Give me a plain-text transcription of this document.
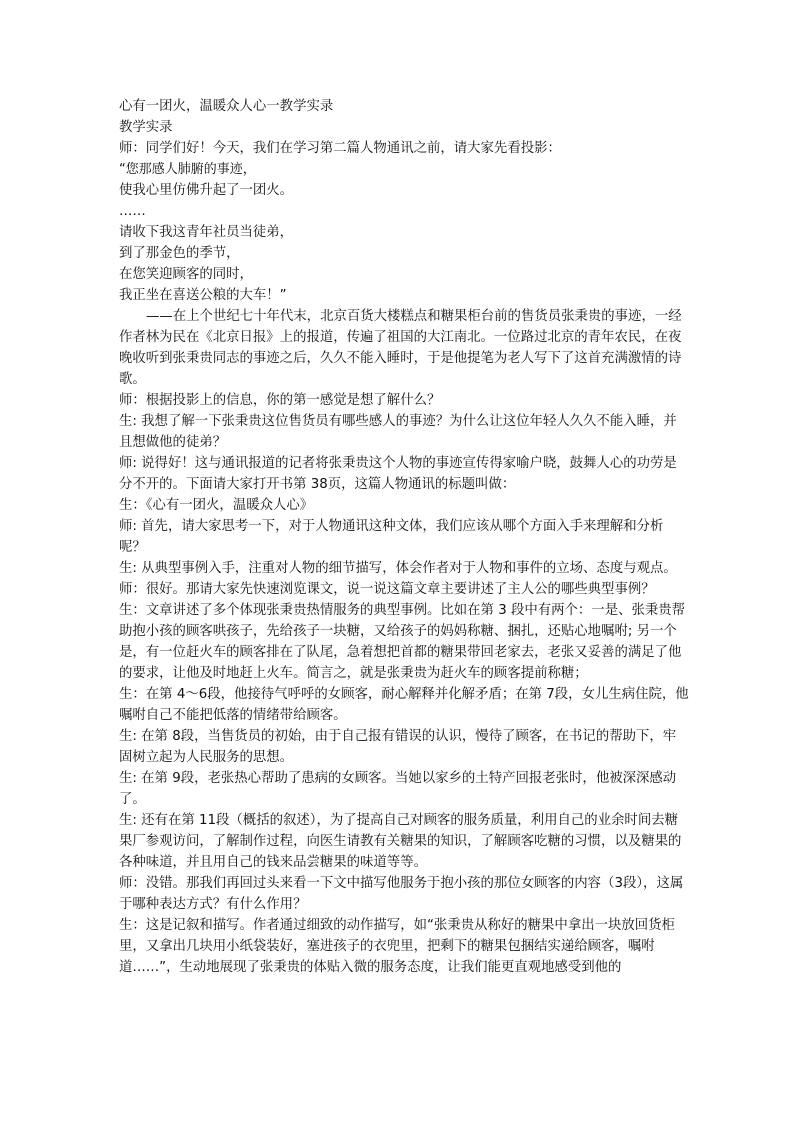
心有一团火，温暖众人心一教学实录

教学实录

师：同学们好！今天，我们在学习第二篇人物通讯之前，请大家先看投影：

“您那感人肺腑的事迹，

使我心里仿佛升起了一团火。

……

请收下我这青年社员当徒弟，

到了那金色的季节，

在您笑迎顾客的同时，

我正坐在喜送公粮的大车！”

——在上个世纪七十年代末，北京百货大楼糕点和糖果柜台前的售货员张秉贵的事迹，一经作者林为民在《北京日报》上的报道，传遍了祖国的大江南北。一位路过北京的青年农民，在夜晚收听到张秉贵同志的事迹之后，久久不能入睡时，于是他提笔为老人写下了这首充满激情的诗歌。

师：根据投影上的信息，你的第一感觉是想了解什么？

生: 我想了解一下张秉贵这位售货员有哪些感人的事迹？为什么让这位年轻人久久不能入睡，并且想做他的徒弟？

师: 说得好！这与通讯报道的记者将张秉贵这个人物的事迹宣传得家喻户晓，鼓舞人心的功劳是分不开的。下面请大家打开书第 38页，这篇人物通讯的标题叫做：

生：《心有一团火，温暖众人心》

师: 首先，请大家思考一下，对于人物通讯这种文体，我们应该从哪个方面入手来理解和分析呢？

生: 从典型事例入手，注重对人物的细节描写，体会作者对于人物和事件的立场、态度与观点。

师：很好。那请大家先快速浏览课文，说一说这篇文章主要讲述了主人公的哪些典型事例？

生：文章讲述了多个体现张秉贵热情服务的典型事例。比如在第 3 段中有两个：一是、张秉贵帮助抱小孩的顾客哄孩子，先给孩子一块糖，又给孩子的妈妈称糖、捆扎，还贴心地嘱咐; 另一个是，有一位赶火车的顾客排在了队尾，急着想把首都的糖果带回老家去，老张又妥善的满足了他的要求，让他及时地赶上火车。简言之，就是张秉贵为赶火车的顾客提前称糖；

生：在第 4～6段，他接待气呼呼的女顾客，耐心解释并化解矛盾；在第 7段，女儿生病住院，他嘱咐自己不能把低落的情绪带给顾客。

生: 在第 8段，当售货员的初始，由于自己报有错误的认识，慢待了顾客，在书记的帮助下，牢固树立起为人民服务的思想。

生: 在第 9段，老张热心帮助了患病的女顾客。当她以家乡的土特产回报老张时，他被深深感动了。

生: 还有在第 11段（概括的叙述），为了提高自己对顾客的服务质量，利用自己的业余时间去糖果厂参观访问，了解制作过程，向医生请教有关糖果的知识，了解顾客吃糖的习惯，以及糖果的各种味道，并且用自己的钱来品尝糖果的味道等等。

师：没错。那我们再回过头来看一下文中描写他服务于抱小孩的那位女顾客的内容（3段），这属于哪种表达方式？有什么作用？

生：这是记叙和描写。作者通过细致的动作描写，如“张秉贵从称好的糖果中拿出一块放回货柜里，又拿出几块用小纸袋装好，塞进孩子的衣兜里，把剩下的糖果包捆结实递给顾客，嘱咐道……”，生动地展现了张秉贵的体贴入微的服务态度，让我们能更直观地感受到他的
